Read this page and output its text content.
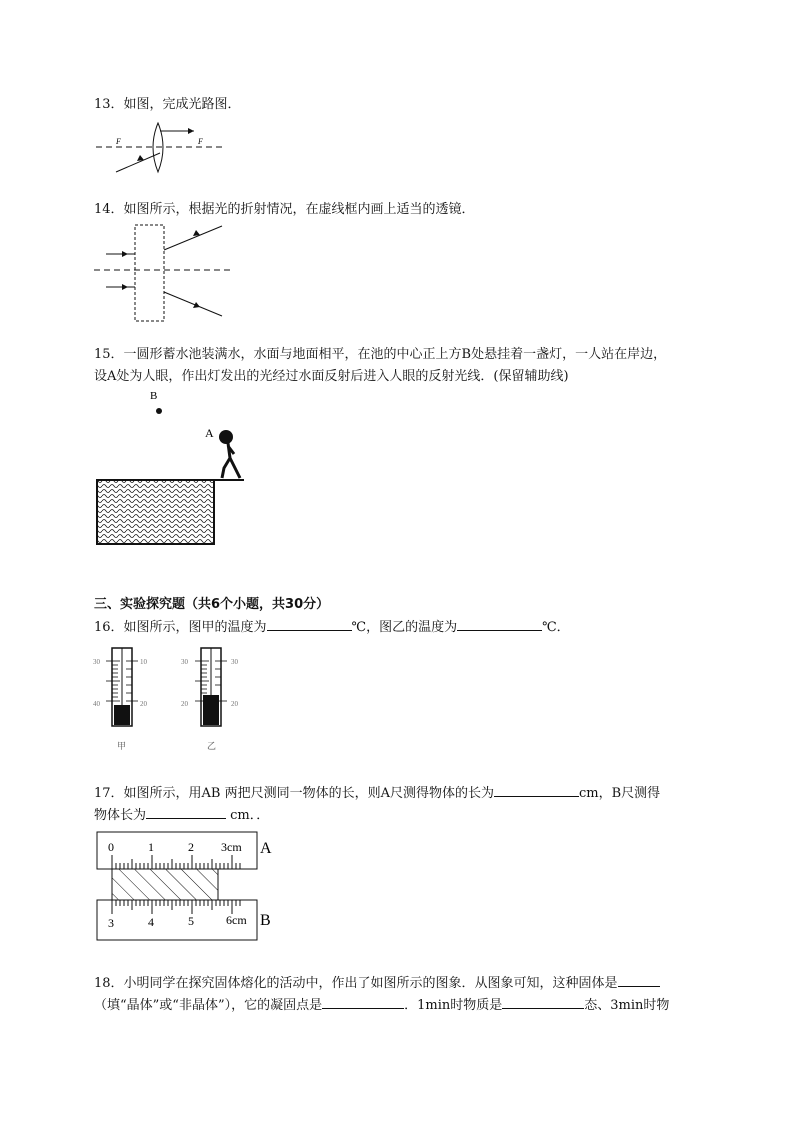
13．如图，完成光路图．
F	F
14．如图所示，根据光的折射情况，在虚线框内画上适当的透镜．
15．一圆形蓄水池装满水，水面与地面相平，在池的中心正上方B处悬挂着一盏灯，一人站在岸边，
设A处为人眼，作出灯发出的光经过水面反射后进入人眼的反射光线．(保留辅助线)
B
A
三、实验探究题（共6个小题，共30分）
16．如图所示，图甲的温度为	℃，图乙的温度为	℃．
30
40
10
20
甲
30
20
30
20
乙
17．如图所示，用AB 两把尺测同一物体的长，则A尺测得物体的长为	cm，B尺测得
物体长为	cm．．
0	1	2 3cm A
3	4	5	6cm B
18．小明同学在探究固体熔化的活动中，作出了如图所示的图象．从图象可知，这种固体是
（填“晶体”或“非晶体”），它的凝固点是	．1min时物质是	态、3min时物
